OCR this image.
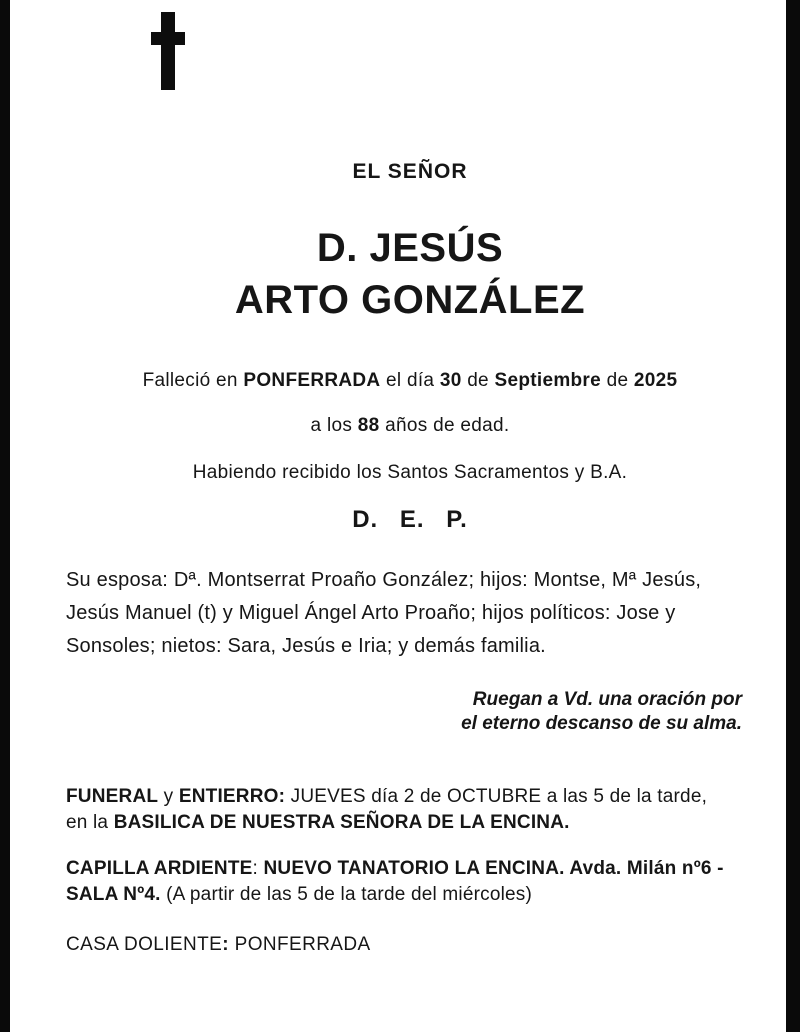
EL SEÑOR
D. JESÚS
ARTO GONZÁLEZ
Falleció en PONFERRADA el día 30 de Septiembre de 2025
a los 88 años de edad.
Habiendo recibido los Santos Sacramentos y B.A.
D. E. P.
Su esposa: Dª. Montserrat Proaño González; hijos: Montse, Mª Jesús,
Jesús Manuel (t) y Miguel Ángel Arto Proaño; hijos políticos: Jose y
Sonsoles; nietos: Sara, Jesús e Iria; y demás familia.
Ruegan a Vd. una oración por
el eterno descanso de su alma.
FUNERAL y ENTIERRO: JUEVES día 2 de OCTUBRE a las 5 de la tarde,
en la BASILICA DE NUESTRA SEÑORA DE LA ENCINA.
CAPILLA ARDIENTE: NUEVO TANATORIO LA ENCINA. Avda. Milán nº6 -
SALA Nº4. (A partir de las 5 de la tarde del miércoles)
CASA DOLIENTE: PONFERRADA
